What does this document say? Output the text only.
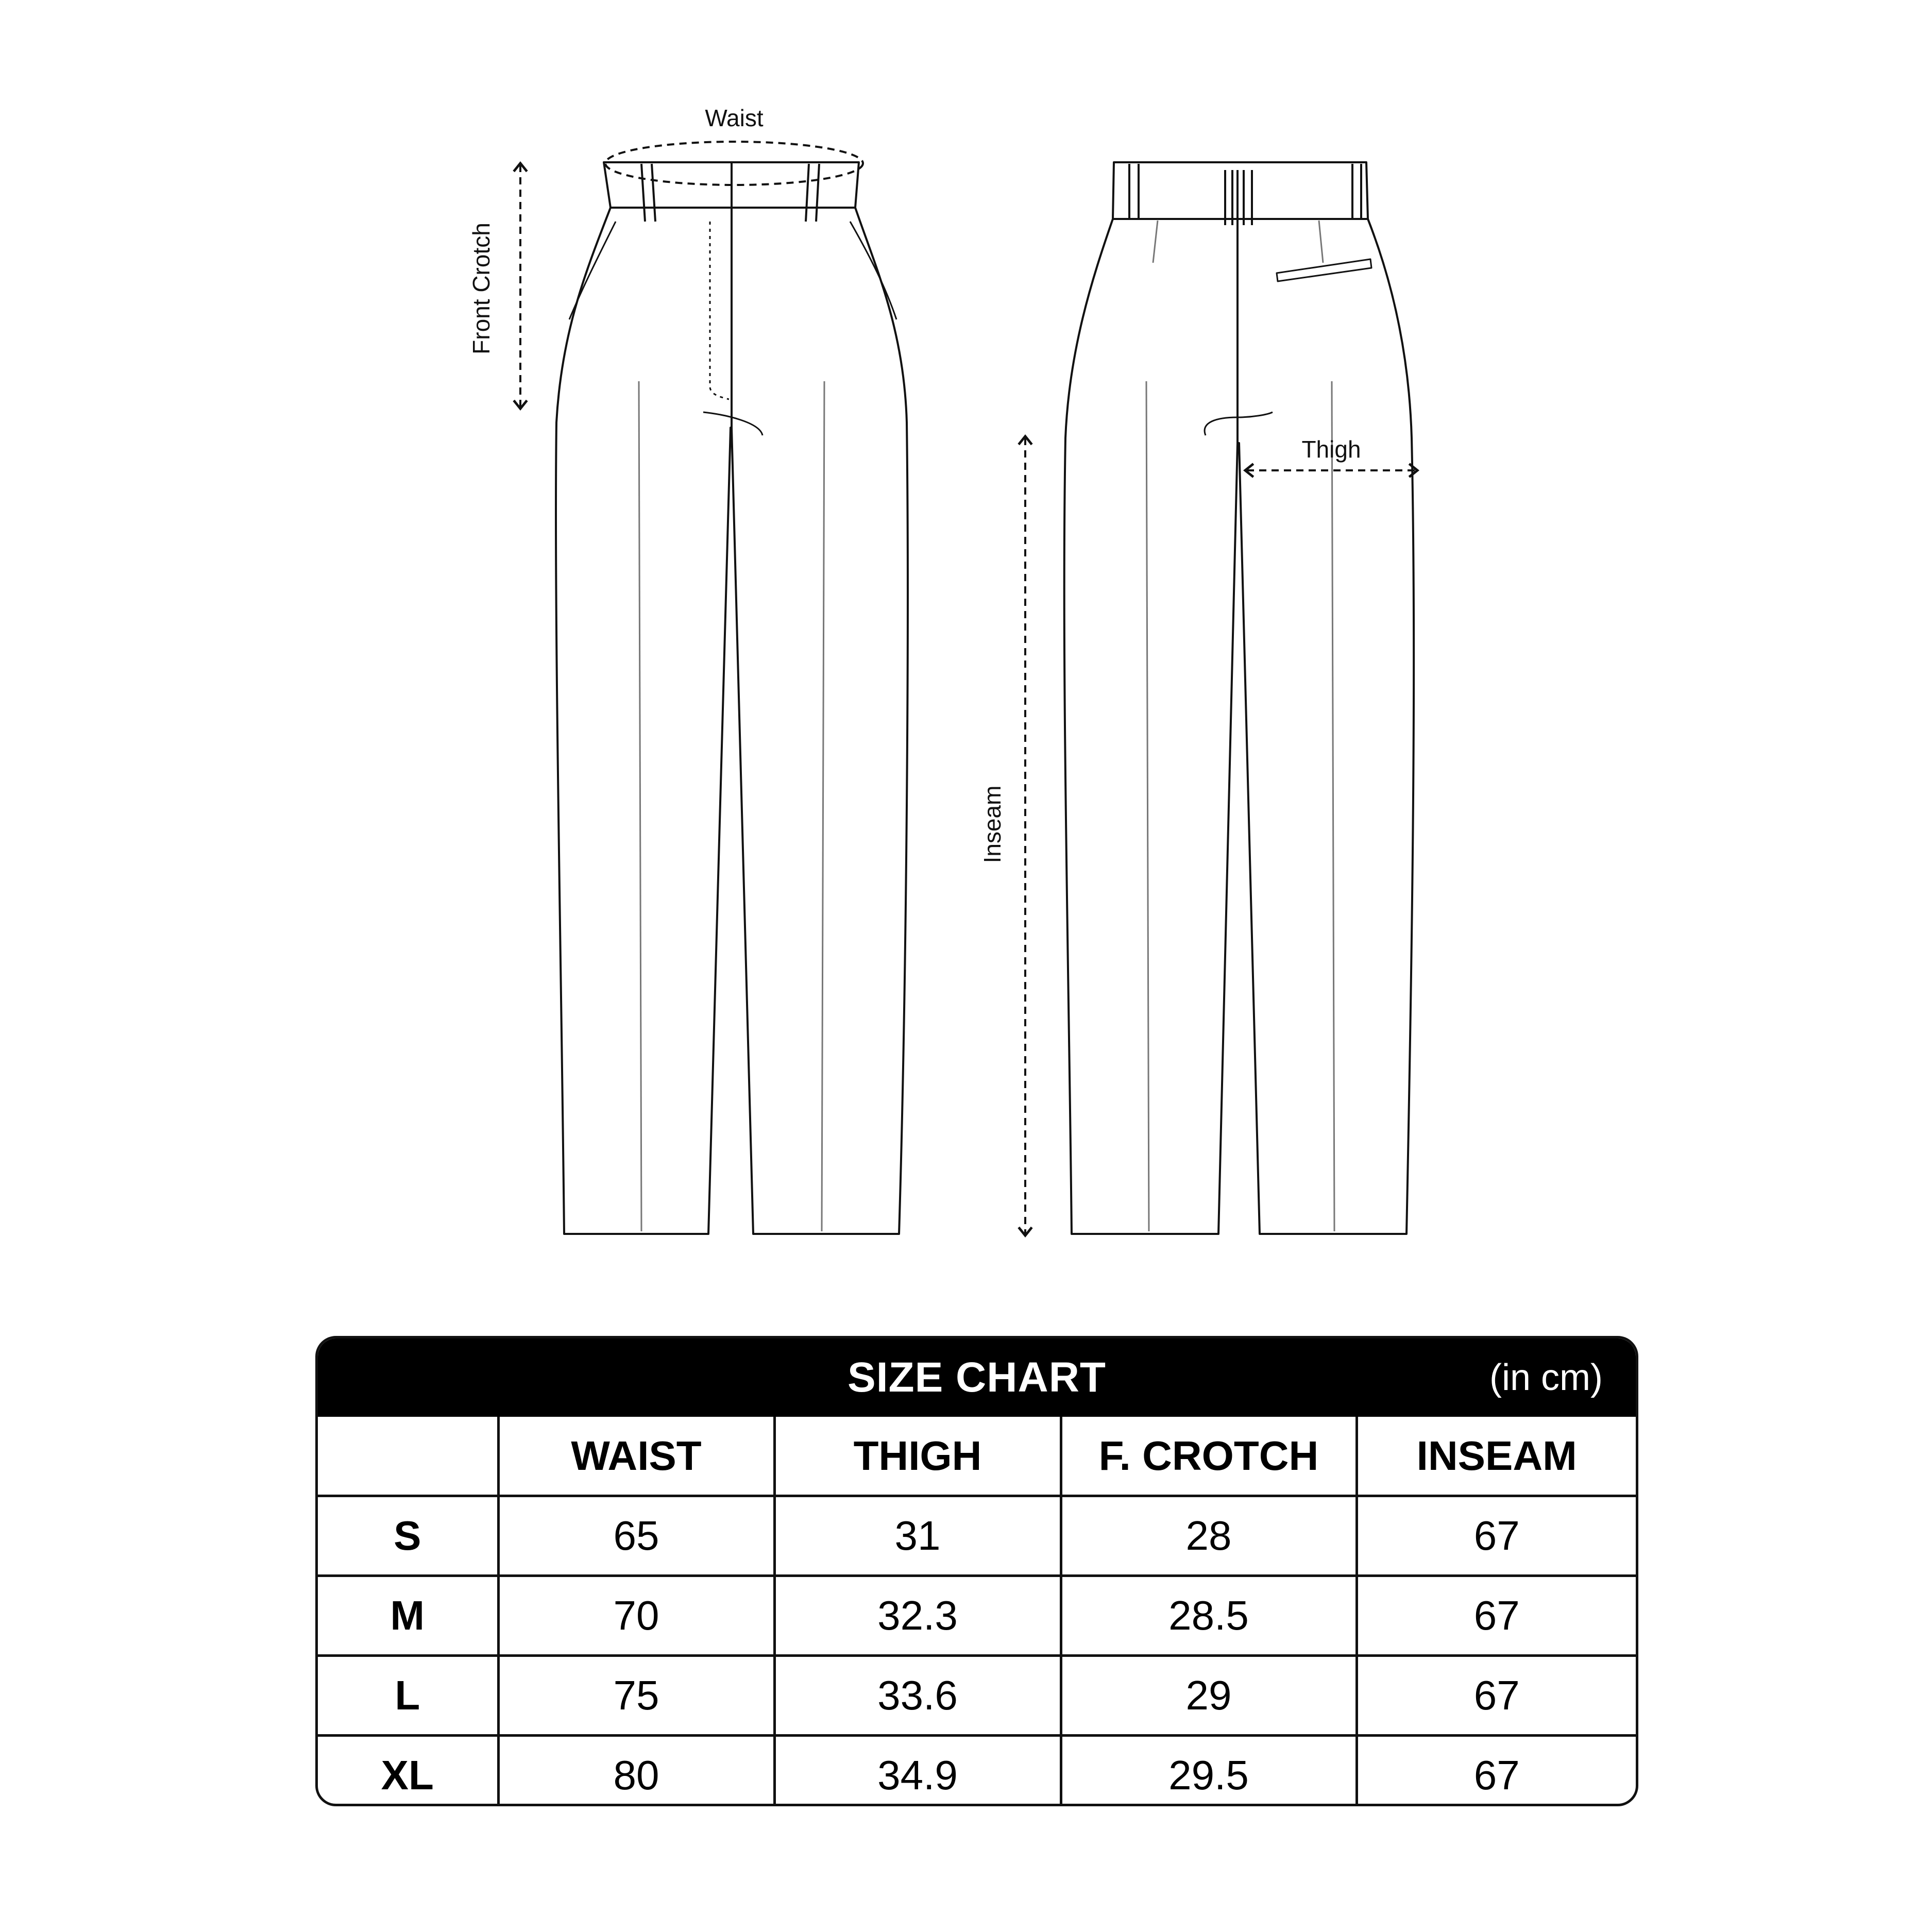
Waist
Front Crotch
Thigh
Inseam
SIZE CHART	(in cm)
	WAIST	THIGH	F. CROTCH	INSEAM
S	65	31	28	67
M	70	32.3	28.5	67
L	75	33.6	29	67
XL	80	34.9	29.5	67
